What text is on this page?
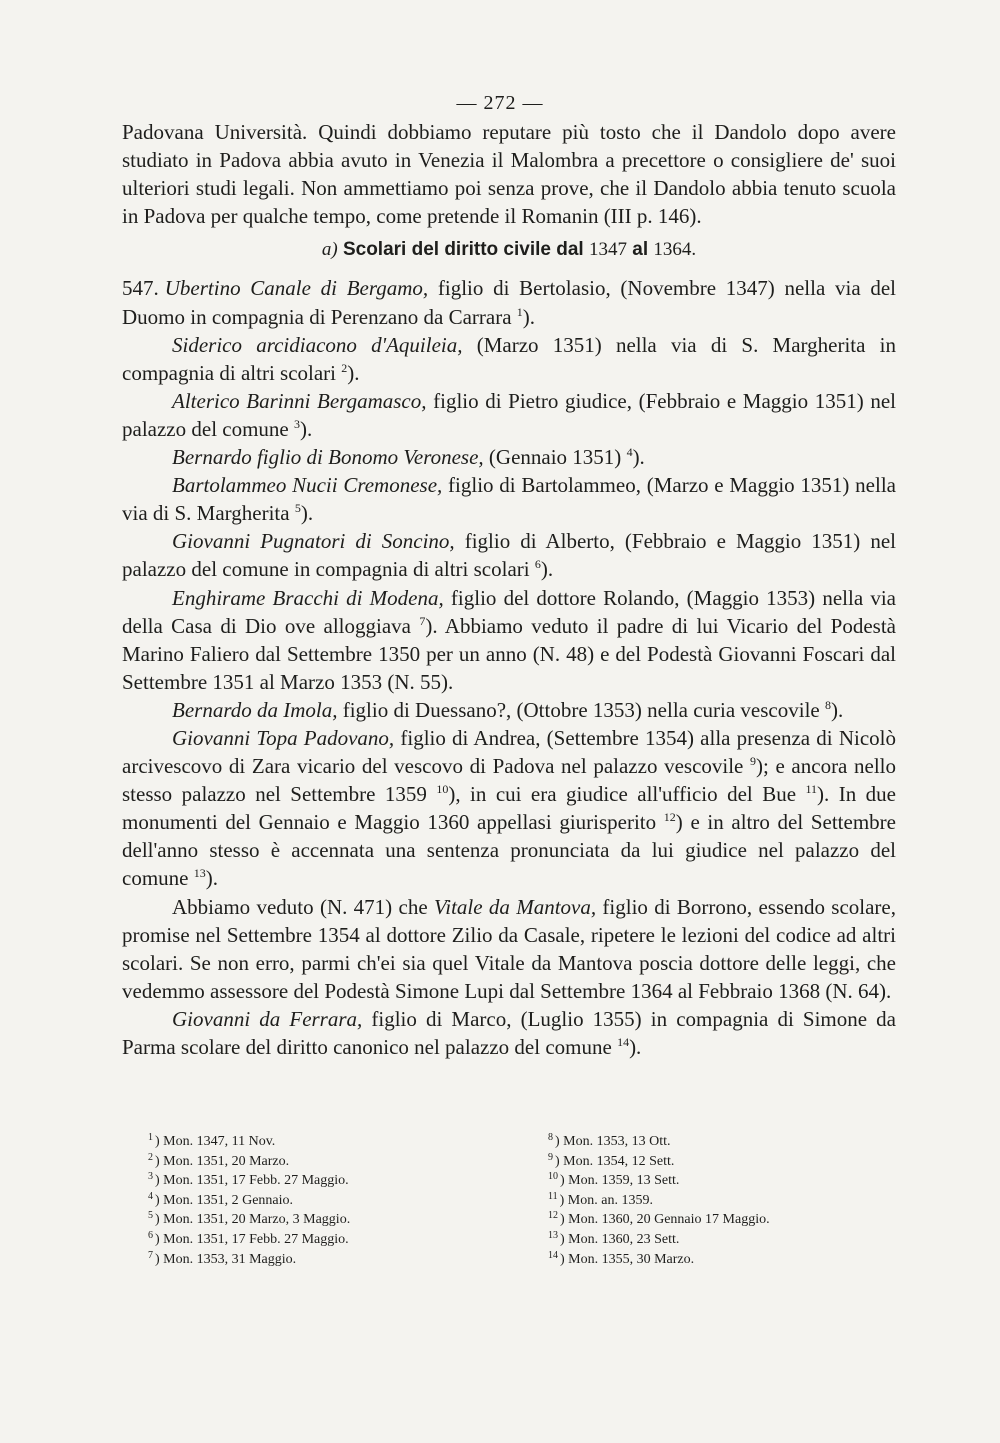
— 272 —

Padovana Università. Quindi dobbiamo reputare più tosto che il Dandolo dopo avere studiato in Padova abbia avuto in Venezia il Malombra a precettore o consigliere de' suoi ulteriori studi legali. Non ammettiamo poi senza prove, che il Dandolo abbia tenuto scuola in Padova per qualche tempo, come pretende il Romanin (III p. 146).

a) Scolari del diritto civile dal 1347 al 1364.

547. Ubertino Canale di Bergamo, figlio di Bertolasio, (Novembre 1347) nella via del Duomo in compagnia di Perenzano da Carrara $^1$).

Siderico arcidiacono d'Aquileia, (Marzo 1351) nella via di S. Margherita in compagnia di altri scolari $^2$).

Alterico Barinni Bergamasco, figlio di Pietro giudice, (Febbraio e Maggio 1351) nel palazzo del comune $^3$).

Bernardo figlio di Bonomo Veronese, (Gennaio 1351) $^4$).

Bartolammeo Nucii Cremonese, figlio di Bartolammeo, (Marzo e Maggio 1351) nella via di S. Margherita $^5$).

Giovanni Pugnatori di Soncino, figlio di Alberto, (Febbraio e Maggio 1351) nel palazzo del comune in compagnia di altri scolari $^6$).

Enghirame Bracchi di Modena, figlio del dottore Rolando, (Maggio 1353) nella via della Casa di Dio ove alloggiava $^7$). Abbiamo veduto il padre di lui Vicario del Podestà Marino Faliero dal Settembre 1350 per un anno (N. 48) e del Podestà Giovanni Foscari dal Settembre 1351 al Marzo 1353 (N. 55).

Bernardo da Imola, figlio di Duessano?, (Ottobre 1353) nella curia vescovile $^8$).

Giovanni Topa Padovano, figlio di Andrea, (Settembre 1354) alla presenza di Nicolò arcivescovo di Zara vicario del vescovo di Padova nel palazzo vescovile $^9$); e ancora nello stesso palazzo nel Settembre 1359 $^{10}$), in cui era giudice all'ufficio del Bue $^{11}$). In due monumenti del Gennaio e Maggio 1360 appellasi giurisperito $^{12}$) e in altro del Settembre dell'anno stesso è accennata una sentenza pronunciata da lui giudice nel palazzo del comune $^{13}$).

Abbiamo veduto (N. 471) che Vitale da Mantova, figlio di Borrono, essendo scolare, promise nel Settembre 1354 al dottore Zilio da Casale, ripetere le lezioni del codice ad altri scolari. Se non erro, parmi ch'ei sia quel Vitale da Mantova poscia dottore delle leggi, che vedemmo assessore del Podestà Simone Lupi dal Settembre 1364 al Febbraio 1368 (N. 64).

Giovanni da Ferrara, figlio di Marco, (Luglio 1355) in compagnia di Simone da Parma scolare del diritto canonico nel palazzo del comune $^{14}$).

$^1$ ) Mon. 1347, 11 Nov.
$^2$ ) Mon. 1351, 20 Marzo.
$^3$ ) Mon. 1351, 17 Febb. 27 Maggio.
$^4$ ) Mon. 1351, 2 Gennaio.
$^5$ ) Mon. 1351, 20 Marzo, 3 Maggio.
$^6$ ) Mon. 1351, 17 Febb. 27 Maggio.
$^7$ ) Mon. 1353, 31 Maggio.
$^8$ ) Mon. 1353, 13 Ott.
$^9$ ) Mon. 1354, 12 Sett.
$^{10}$ ) Mon. 1359, 13 Sett.
$^{11}$ ) Mon. an. 1359.
$^{12}$ ) Mon. 1360, 20 Gennaio 17 Maggio.
$^{13}$ ) Mon. 1360, 23 Sett.
$^{14}$ ) Mon. 1355, 30 Marzo.
